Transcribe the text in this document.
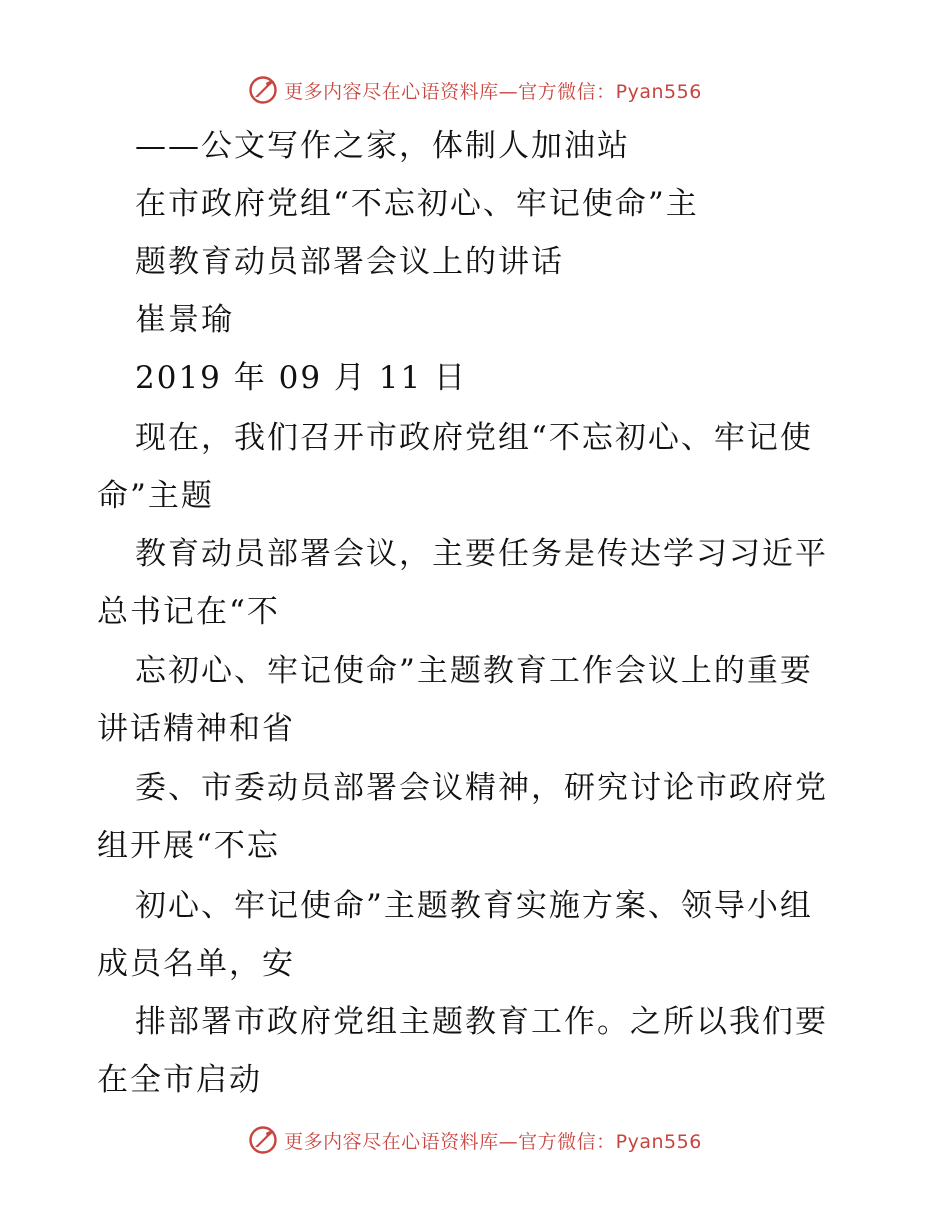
更多内容尽在心语资料库—官方微信：Pyan556
——公文写作之家，体制人加油站
在市政府党组“不忘初心、牢记使命”主
题教育动员部署会议上的讲话
崔景瑜
2019 年 09 月 11 日
现在，我们召开市政府党组“不忘初心、牢记使
命”主题
教育动员部署会议，主要任务是传达学习习近平
总书记在“不
忘初心、牢记使命”主题教育工作会议上的重要
讲话精神和省
委、市委动员部署会议精神，研究讨论市政府党
组开展“不忘
初心、牢记使命”主题教育实施方案、领导小组
成员名单，安
排部署市政府党组主题教育工作。之所以我们要
在全市启动
更多内容尽在心语资料库—官方微信：Pyan556
